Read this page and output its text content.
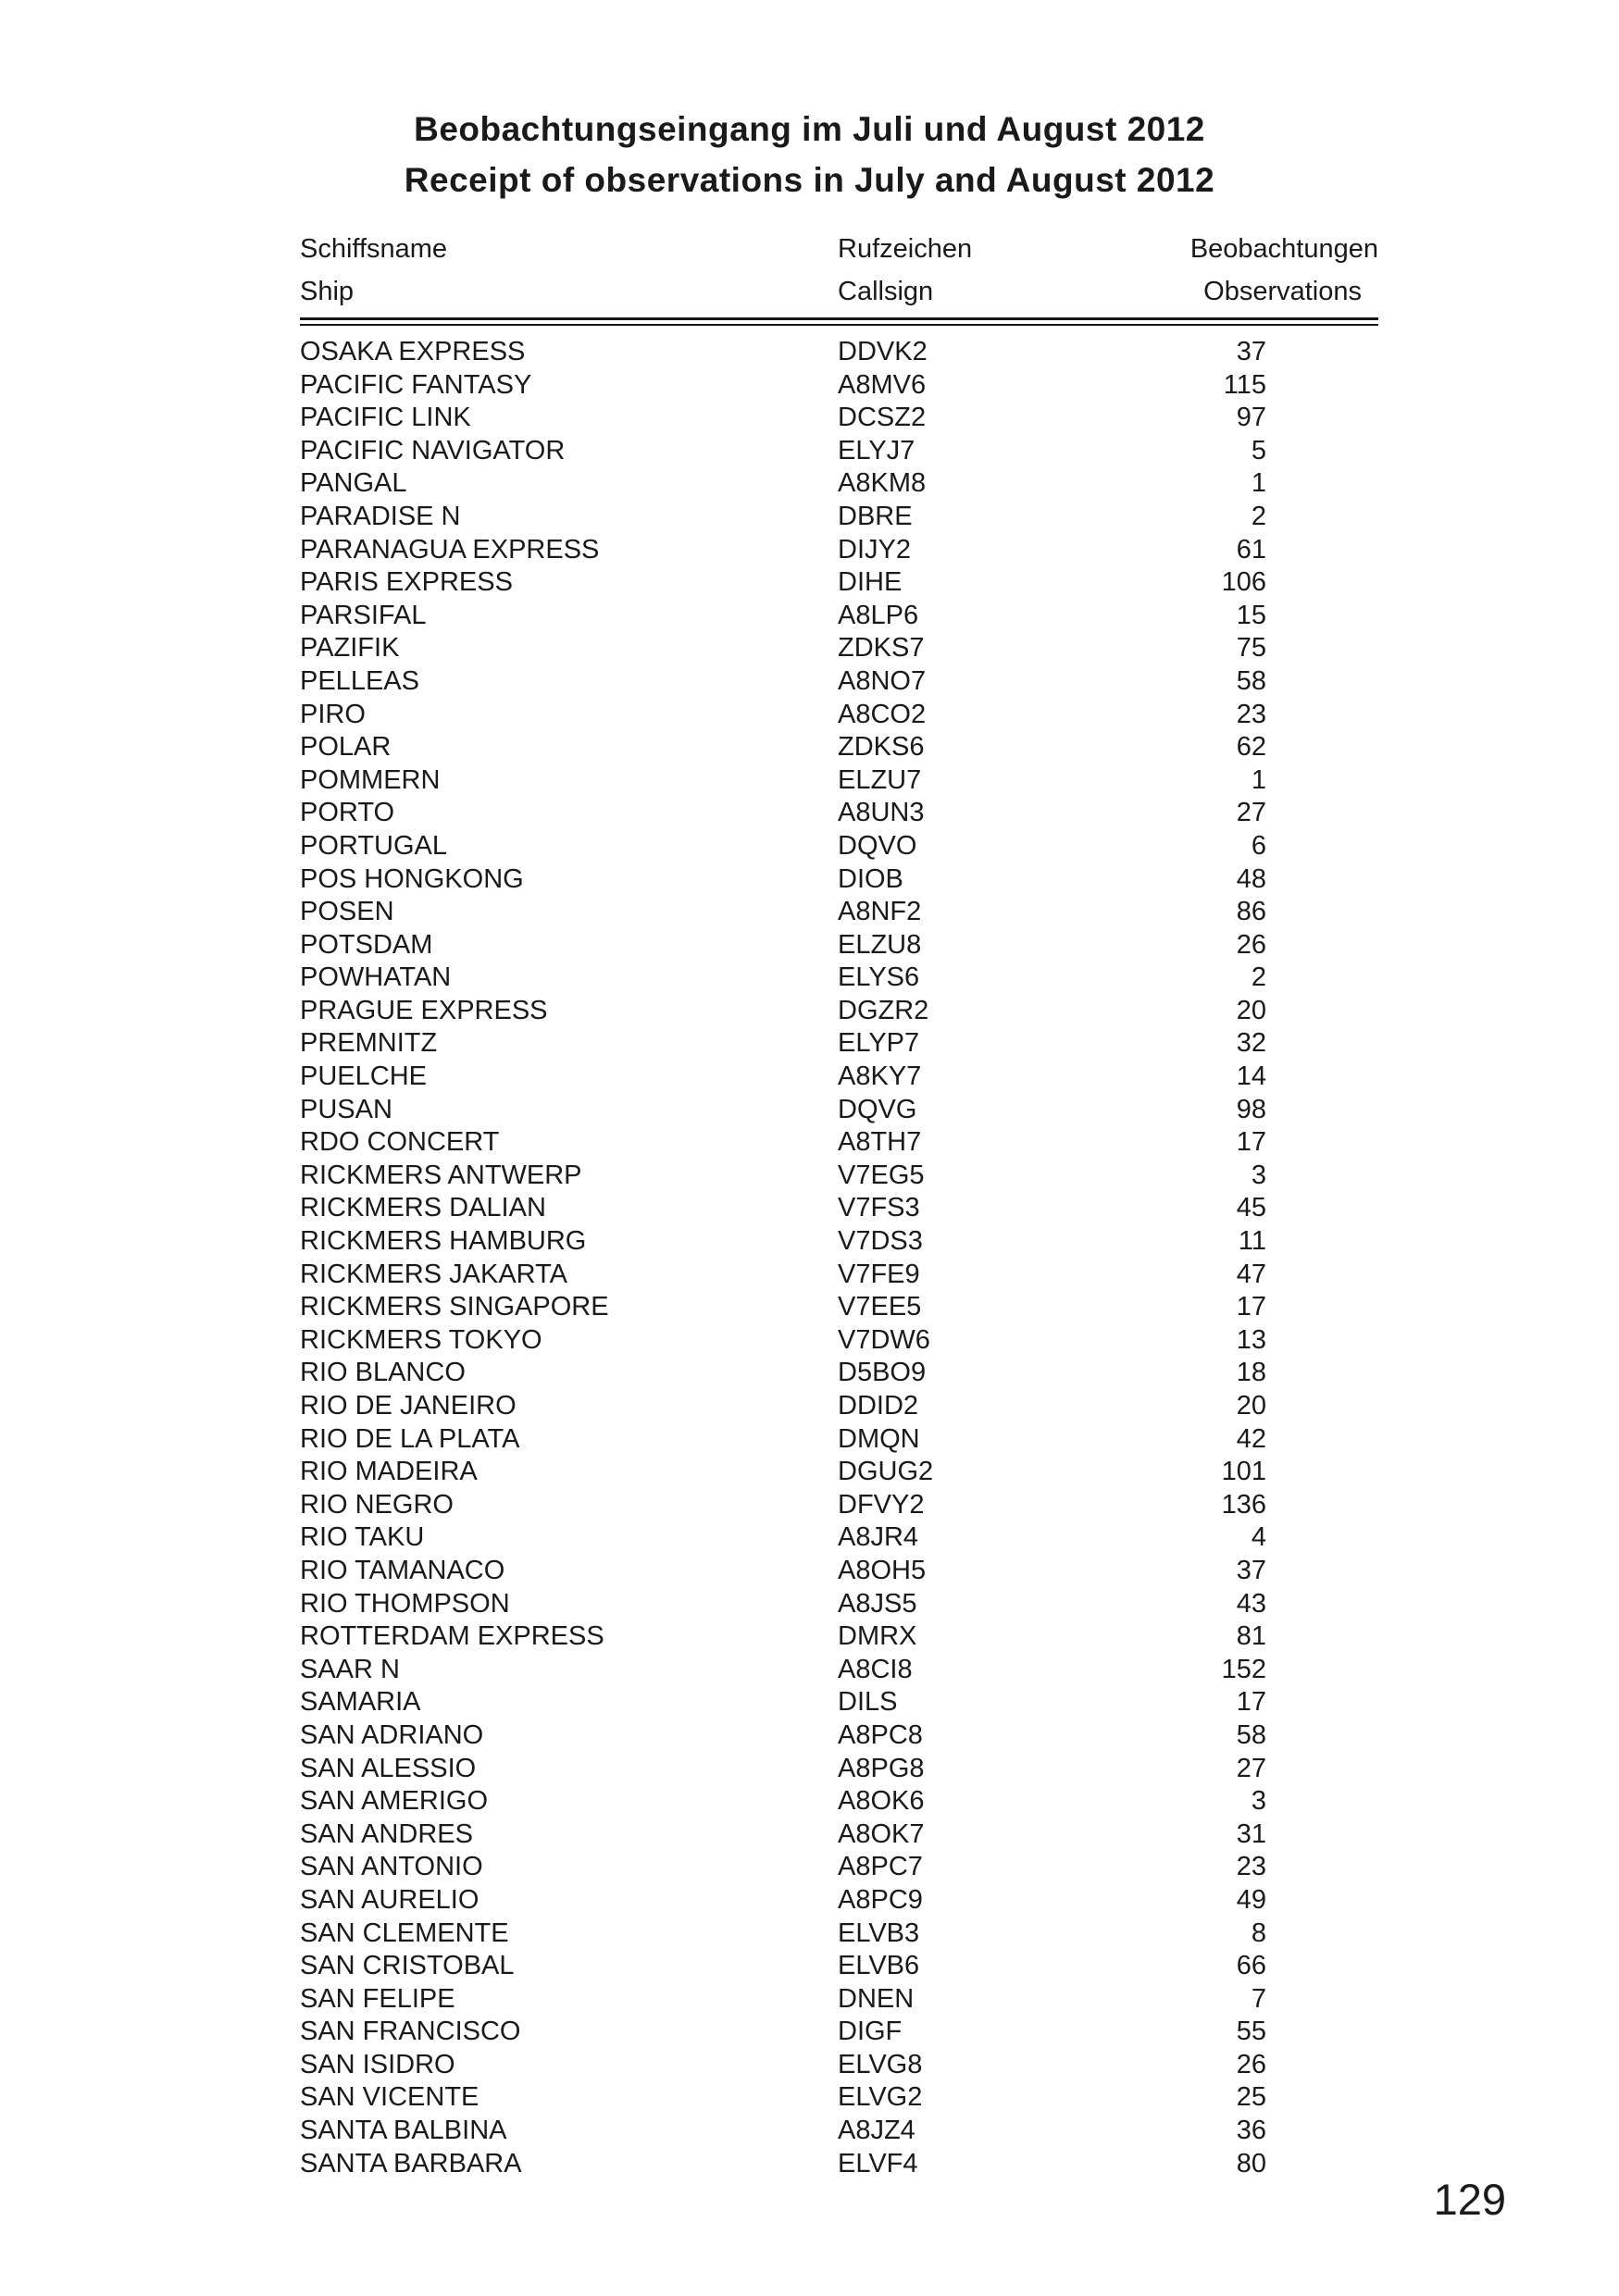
Beobachtungseingang im Juli und August 2012
Receipt of observations in July and August 2012
Schiffsname	Rufzeichen	Beobachtungen
Ship	Callsign	Observations
OSAKA EXPRESS	DDVK2	37
PACIFIC FANTASY	A8MV6	115
PACIFIC LINK	DCSZ2	97
PACIFIC NAVIGATOR	ELYJ7	5
PANGAL	A8KM8	1
PARADISE N	DBRE	2
PARANAGUA EXPRESS	DIJY2	61
PARIS EXPRESS	DIHE	106
PARSIFAL	A8LP6	15
PAZIFIK	ZDKS7	75
PELLEAS	A8NO7	58
PIRO	A8CO2	23
POLAR	ZDKS6	62
POMMERN	ELZU7	1
PORTO	A8UN3	27
PORTUGAL	DQVO	6
POS HONGKONG	DIOB	48
POSEN	A8NF2	86
POTSDAM	ELZU8	26
POWHATAN	ELYS6	2
PRAGUE EXPRESS	DGZR2	20
PREMNITZ	ELYP7	32
PUELCHE	A8KY7	14
PUSAN	DQVG	98
RDO CONCERT	A8TH7	17
RICKMERS ANTWERP	V7EG5	3
RICKMERS DALIAN	V7FS3	45
RICKMERS HAMBURG	V7DS3	11
RICKMERS JAKARTA	V7FE9	47
RICKMERS SINGAPORE	V7EE5	17
RICKMERS TOKYO	V7DW6	13
RIO BLANCO	D5BO9	18
RIO DE JANEIRO	DDID2	20
RIO DE LA PLATA	DMQN	42
RIO MADEIRA	DGUG2	101
RIO NEGRO	DFVY2	136
RIO TAKU	A8JR4	4
RIO TAMANACO	A8OH5	37
RIO THOMPSON	A8JS5	43
ROTTERDAM EXPRESS	DMRX	81
SAAR N	A8CI8	152
SAMARIA	DILS	17
SAN ADRIANO	A8PC8	58
SAN ALESSIO	A8PG8	27
SAN AMERIGO	A8OK6	3
SAN ANDRES	A8OK7	31
SAN ANTONIO	A8PC7	23
SAN AURELIO	A8PC9	49
SAN CLEMENTE	ELVB3	8
SAN CRISTOBAL	ELVB6	66
SAN FELIPE	DNEN	7
SAN FRANCISCO	DIGF	55
SAN ISIDRO	ELVG8	26
SAN VICENTE	ELVG2	25
SANTA BALBINA	A8JZ4	36
SANTA BARBARA	ELVF4	80
129
